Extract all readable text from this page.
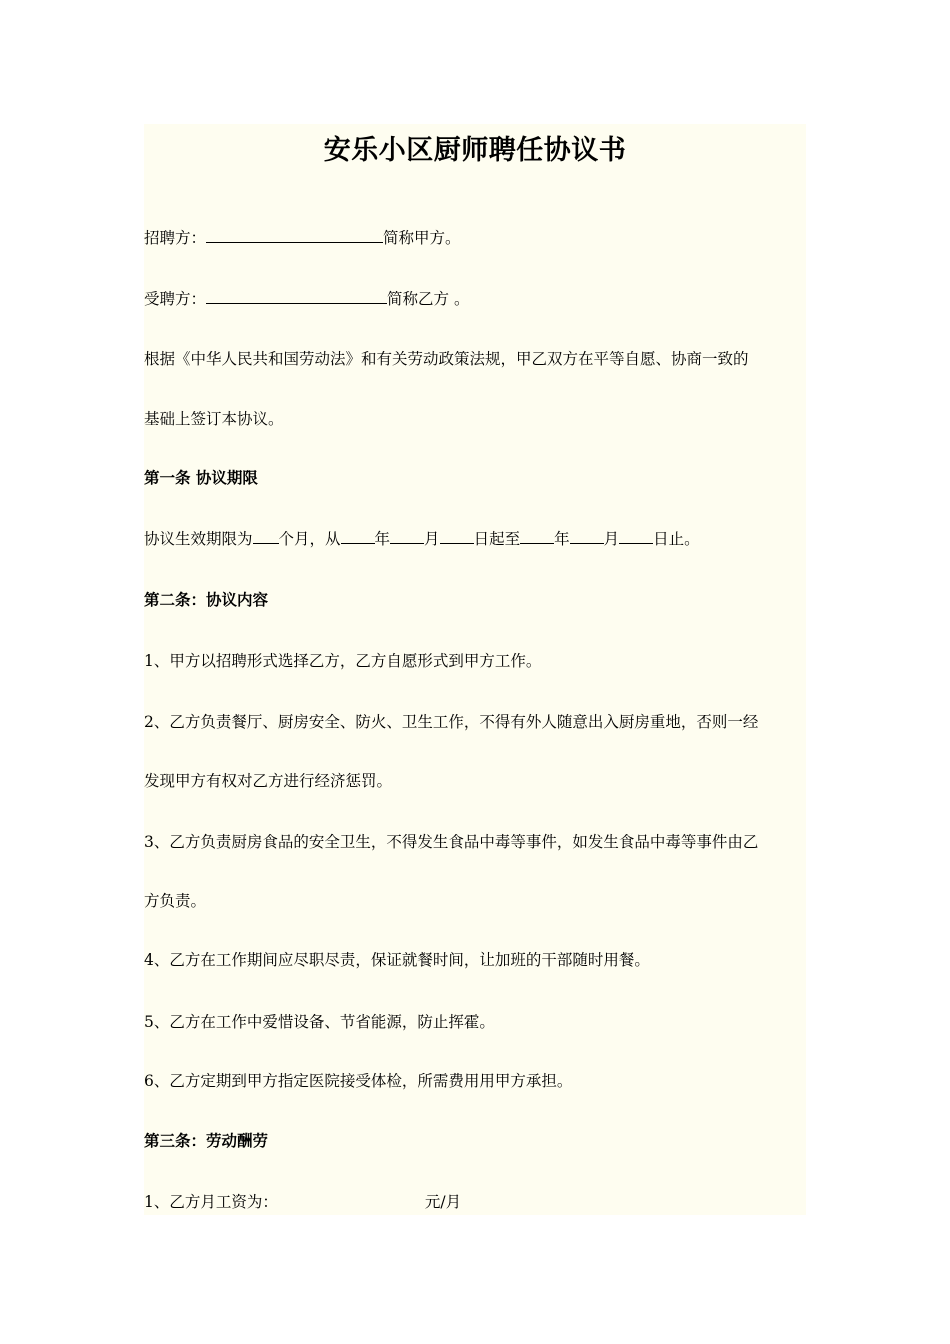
安乐小区厨师聘任协议书
招聘方：	简称甲方。
受聘方：	简称乙方 。
根据《中华人民共和国劳动法》和有关劳动政策法规，甲乙双方在平等自愿、协商一致的
基础上签订本协议。
第一条 协议期限
协议生效期限为 个月，从 年 月 日起至 年 月 日止。
第二条：协议内容
1、甲方以招聘形式选择乙方，乙方自愿形式到甲方工作。
2、乙方负责餐厅、厨房安全、防火、卫生工作，不得有外人随意出入厨房重地，否则一经
发现甲方有权对乙方进行经济惩罚。
3、乙方负责厨房食品的安全卫生，不得发生食品中毒等事件，如发生食品中毒等事件由乙
方负责。
4、乙方在工作期间应尽职尽责，保证就餐时间，让加班的干部随时用餐。
5、乙方在工作中爱惜设备、节省能源，防止挥霍。
6、乙方定期到甲方指定医院接受体检，所需费用用甲方承担。
第三条：劳动酬劳
1、乙方月工资为：	元/月
